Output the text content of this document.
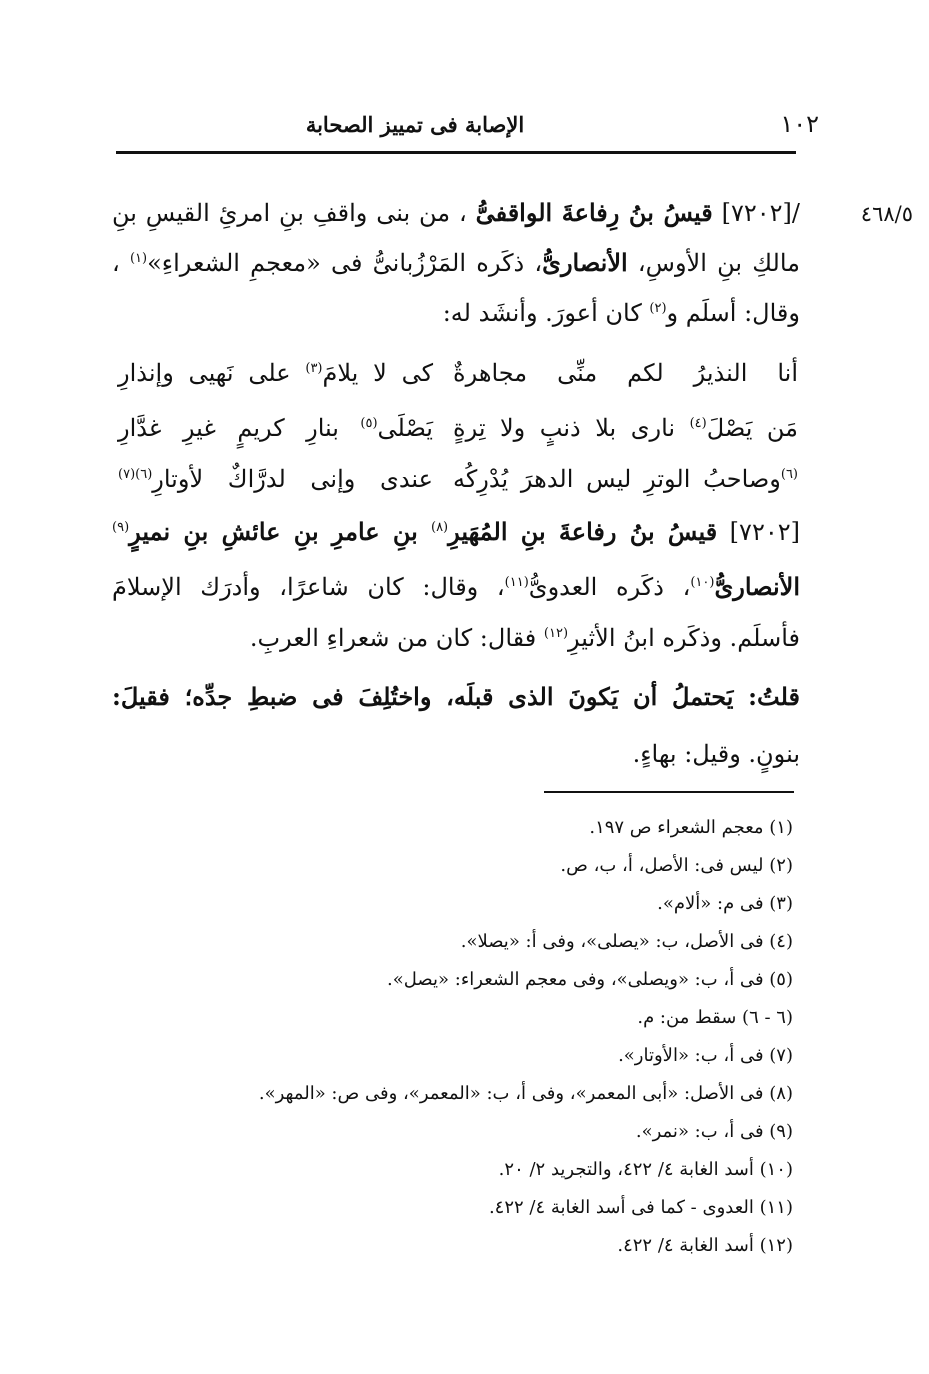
١٠٢
الإصابة فى تمييز الصحابة
٤٦٨/٥
/[٧٢٠٢] قيسُ بنُ رِفاعةَ الواقفىُّ ، من بنى واقفِ بنِ امرئِ القيسِ بنِ
مالكِ بنِ الأوسِ، الأنصارىُّ، ذكَره المَرْزُبانىُّ فى «معجمِ الشعراءِ»$^{(١)}$ ،
وقال: أسلَم و$^{(٢)}$ كان أعورَ. وأنشَد له:
أنا النذيرُ لكم منِّى مجاهرةٌ
كى لا يلامَ$^{(٣)}$ على نَهيى وإنذارِ
مَن يَصْلَ$^{(٤)}$ نارى بلا ذنبٍ ولا تِرةٍ
يَصْلَى$^{(٥)}$ بنارِ كريمٍ غيرِ غدَّارِ
$^{(٦)}$وصاحبُ الوترِ ليس الدهرَ يُدْرِكُه
عندى وإنى لدرَّاكٌ لأوتارِ$^{(٦)(٧)}$
[٧٢٠٢] قيسُ بنُ رفاعةَ بنِ المُهَيرِ$^{(٨)}$ بنِ عامرِ بنِ عائشِ بنِ نميرٍ$^{(٩)}$
الأنصارىُّ$^{(١٠)}$، ذكَره العدوىُّ$^{(١١)}$، وقال: كان شاعرًا، وأدرَك الإسلامَ
فأسلَم. وذكَره ابنُ الأثيرِ$^{(١٢)}$ فقال: كان من شعراءِ العربِ.
قلتُ: يَحتملُ أن يَكونَ الذى قبلَه، واختُلِفَ فى ضبطِ جدِّه؛ فقيلَ:
بنونٍ. وقيل: بهاءٍ.
(١) معجم الشعراء ص ١٩٧.
(٢) ليس فى: الأصل، أ، ب، ص.
(٣) فى م: «ألام».
(٤) فى الأصل، ب: «يصلى»، وفى أ: «يصلا».
(٥) فى أ، ب: «ويصلى»، وفى معجم الشعراء: «يصل».
(٦ - ٦) سقط من: م.
(٧) فى أ، ب: «الأوتار».
(٨) فى الأصل: «أبى المعمر»، وفى أ، ب: «المعمر»، وفى ص: «المهر».
(٩) فى أ، ب: «نمر».
(١٠) أسد الغابة ٤/ ٤٢٢، والتجريد ٢/ ٢٠.
(١١) العدوى - كما فى أسد الغابة ٤/ ٤٢٢.
(١٢) أسد الغابة ٤/ ٤٢٢.
